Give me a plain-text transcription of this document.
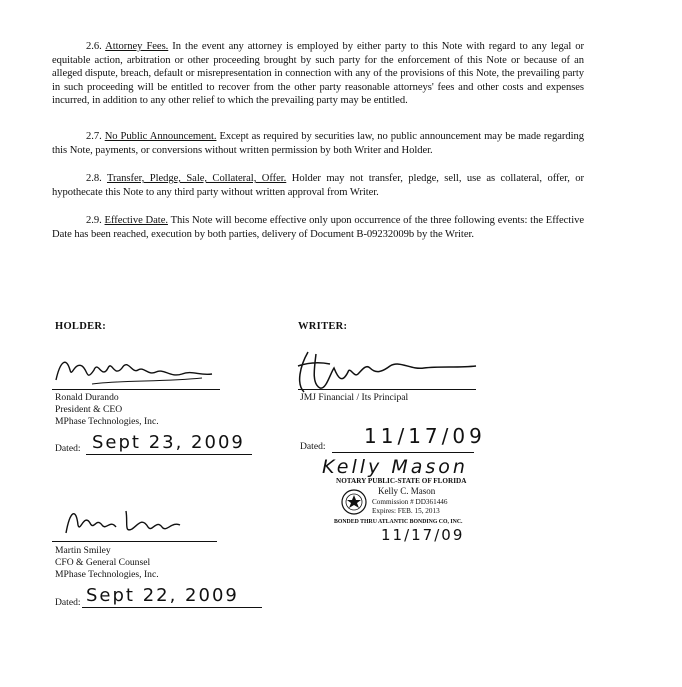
2.6. Attorney Fees. In the event any attorney is employed by either party to this Note with regard to any legal or equitable action, arbitration or other proceeding brought by such party for the enforcement of this Note or because of an alleged dispute, breach, default or misrepresentation in connection with any of the provisions of this Note, the prevailing party in such proceeding will be entitled to recover from the other party reasonable attorneys' fees and other costs and expenses incurred, in addition to any other relief to which the prevailing party may be entitled.
2.7. No Public Announcement. Except as required by securities law, no public announcement may be made regarding this Note, payments, or conversions without written permission by both Writer and Holder.
2.8. Transfer, Pledge, Sale, Collateral, Offer. Holder may not transfer, pledge, sell, use as collateral, offer, or hypothecate this Note to any third party without written approval from Writer.
2.9. Effective Date. This Note will become effective only upon occurrence of the three following events: the Effective Date has been reached, execution by both parties, delivery of Document B-09232009b by the Writer.
HOLDER:	WRITER:
Ronald Durando
President & CEO
MPhase Technologies, Inc.
Dated: Sept 23, 2009
Martin Smiley
CFO & General Counsel
MPhase Technologies, Inc.
Dated: Sept 22, 2009
JMJ Financial / Its Principal
Dated: 11/17/09
Kelly Mason
NOTARY PUBLIC-STATE OF FLORIDA
Kelly C. Mason
Commission # DD361446
Expires: FEB. 15, 2013
BONDED THRU ATLANTIC BONDING CO, INC.
11/17/09
